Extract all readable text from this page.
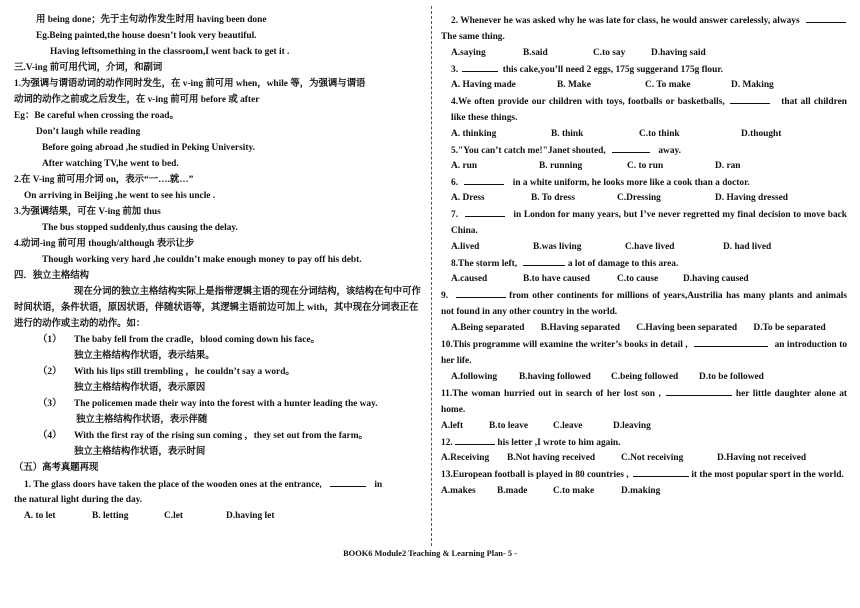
用 being done；先于主句动作发生时用 having been done
Eg.Being painted,the house doesn’t look very beautiful.
Having leftsomething in the classroom,I went back to get it .
三.V-ing 前可用代词，介词，和副词
1.为强调与谓语动词的动作同时发生，在 v-ing 前可用 when，while 等，为强调与谓语
动词的动作之前或之后发生，在 v-ing 前可用 before 或 after
Eg：Be careful when crossing the road。
Don’t laugh while reading
Before going abroad ,he studied in Peking University.
After watching TV,he went to bed.
2.在 V-ing 前可用介词 on，表示“一….就…”
On arriving in Beijing ,he went to see his uncle .
3.为强调结果，可在 V-ing 前加 thus
The bus stopped suddenly,thus causing the delay.
4.动词-ing 前可用 though/although 表示让步
Though working very hard ,he couldn’t make enough money to pay off his debt.
四．独立主格结构
现在分词的独立主格结构实际上是指带逻辑主语的现在分词结构，该结构在句中可作时间状语，条件状语，原因状语，伴随状语等，其逻辑主语前边可加上 with，其中现在分词表正在进行的动作或主动的动作。如：
（1） The baby fell from the cradle，blood coming down his face。
独立主格结构作状语，表示结果。
（2） With his lips still trembling ，he couldn’t say a word。
独立主格结构作状语，表示原因
（3） The policemen made their way into the forest with a hunter leading the way.
独立主格结构作状语，表示伴随
（4） With the first ray of the rising sun coming ，they set out from the farm。
独立主格结构作状语，表示时间
（五）高考真题再现
1. The glass doors have taken the place of the wooden ones at the entrance,	in
the natural light during the day.
A. to let	B. letting	C.let	D.having let
2. Whenever he was asked why he was late for class, he would answer carelessly, always
The same thing.
A.saying	B.said	C.to say	D.having said
3.	this cake,you’ll need 2 eggs, 175g suggerand 175g flour.
A. Having made	B. Make	C. To make	D. Making
4.We often provide our children with toys, footballs or basketballs,	that all children like these things.
A. thinking	B. think	C.to think	D.thought
5."You can’t catch me!"Janet shouted,	away.
A. run	B. running	C. to run	D. ran
6.	in a white uniform, he looks more like a cook than a doctor.
A. Dress	B. To dress	C.Dressing	D. Having dressed
7.	in London for many years, but I’ve never regretted my final decision to move back China.
A.lived	B.was living	C.have lived	D. had lived
8.The storm left,	a lot of damage to this area.
A.caused	B.to have caused	C.to cause	D.having caused
9.	from other continents for millions of years,Austrilia has many plants and animals not found in any other country in the world.
A.Being separated B.Having separated C.Having been separated D.To be separated
10.This programme will examine the writer’s books in detail ,	an introduction to her life.
A.following	B.having followed	C.being followed	D.to be followed
11.The woman hurried out in search of her lost son ,	her little daughter alone at home.
A.left	B.to leave	C.leave	D.leaving
12.	his letter ,I wrote to him again.
A.Receiving	B.Not having received	C.Not receiving	D.Having not received
13.European football is played in 80 countries ,	it the most popular sport in the world.
A.makes	B.made	C.to make	D.making
BOOK6 Module2 Teaching & Learning Plan- 5 -
